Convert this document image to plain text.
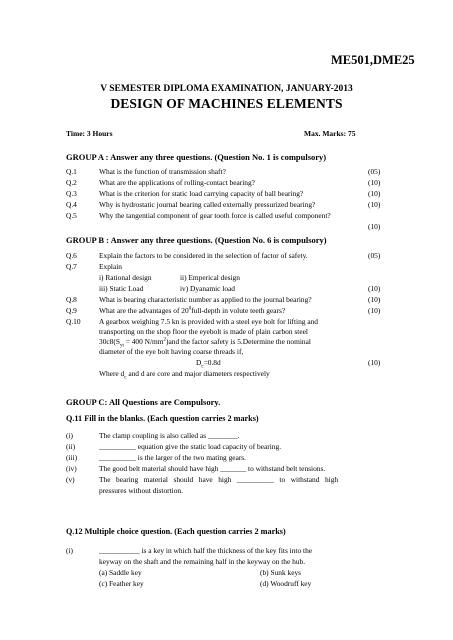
ME501,DME25
V SEMESTER DIPLOMA EXAMINATION, JANUARY-2013
DESIGN OF MACHINES ELEMENTS
Time: 3 Hours	Max. Marks: 75
GROUP A : Answer any three questions. (Question No. 1 is compulsory)
Q.1	What is the function of transmission shaft?	(05)
Q.2	What are the applications of rolling-contact bearing?	(10)
Q.3	What is the criterion for static load carrying capacity of ball bearing?	(10)
Q.4	Why is hydrostatic journal bearing called externally pressurized bearing?	(10)
Q.5	Why the tangential component of gear tooth force is called useful component?
(10)
GROUP B : Answer any three questions. (Question No. 6 is compulsory)
Q.6	Explain the factors to be considered in the selection of factor of safety.	(05)
Q.7	Explain
i) Rational design	ii) Emperical design
iii) Static Load	iv) Dyanamic load	(10)
Q.8	What is bearing characteristic number as applied to the journal bearing?	(10)
Q.9	What are the advantages of $20^0full$-depth in volute teeth gears?	(10)
Q.10 A gearbox weighing 7.5 kn is provided with a steel eye bolt for lifting and
transporting on the shop floor the eyebolt is made of plain carbon steel
$30c8(S_{yt} = 400$ $N/mm^2)and$ the factor safety is 5.Determine the nominal
diameter of the eye bolt having coarse threads if,
$D_c=0.8d$	(10)
Where $d_c$ and d are core and major diameters respectively
GROUP C: All Questions are Compulsory.
Q.11 Fill in the blanks. (Each question carries 2 marks)
(i)	The clamp coupling is also called as ________.
(ii)	__________ equation give the static load capacity of bearing.
(iii)	__________ is the larger of the two mating gears.
(iv)	The good belt material should have high _______ to withstand belt tensions.
(v)	The   bearing   material   should   have   high   __________   to   withstand   high
pressures without distortion.
Q.12 Multiple choice question. (Each question carries 2 marks)
(i)	___________ is a key in which half the thickness of the key fits into the
keyway on the shaft and the remaining half in the keyway on the hub.
(a) Saddle key	(b) Sunk keys
(c) Feather key	(d) Woodruff key
